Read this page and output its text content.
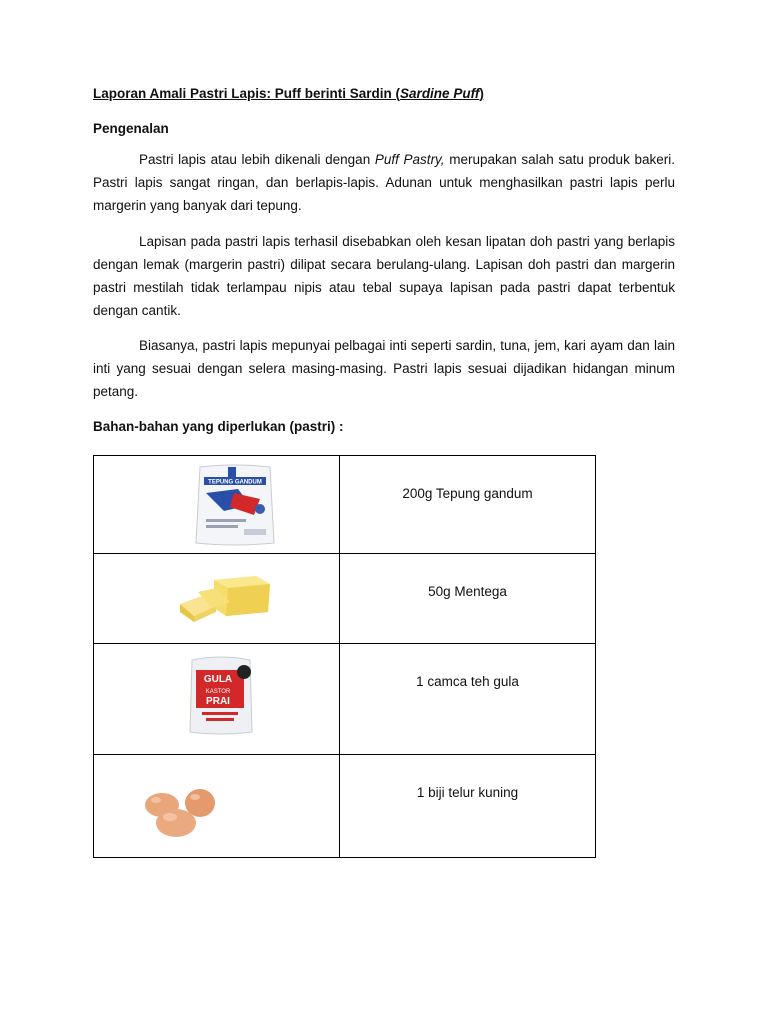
Laporan Amali Pastri Lapis: Puff berinti Sardin (Sardine Puff)
Pengenalan
Pastri lapis atau lebih dikenali dengan Puff Pastry, merupakan salah satu produk bakeri. Pastri lapis sangat ringan, dan berlapis-lapis. Adunan untuk menghasilkan pastri lapis perlu margerin yang banyak dari tepung.
Lapisan pada pastri lapis terhasil disebabkan oleh kesan lipatan doh pastri yang berlapis dengan lemak (margerin pastri) dilipat secara berulang-ulang. Lapisan doh pastri dan margerin pastri mestilah tidak terlampau nipis atau tebal supaya lapisan pada pastri dapat terbentuk dengan cantik.
Biasanya, pastri lapis mepunyai pelbagai inti seperti sardin, tuna, jem, kari ayam dan lain inti yang sesuai dengan selera masing-masing. Pastri lapis sesuai dijadikan hidangan minum petang.
Bahan-bahan yang diperlukan (pastri) :
TEPUNG GANDUM	200g Tepung gandum

50g Mentega

GULA
KASTOR
PRAI	1 camca teh gula

1 biji telur kuning
